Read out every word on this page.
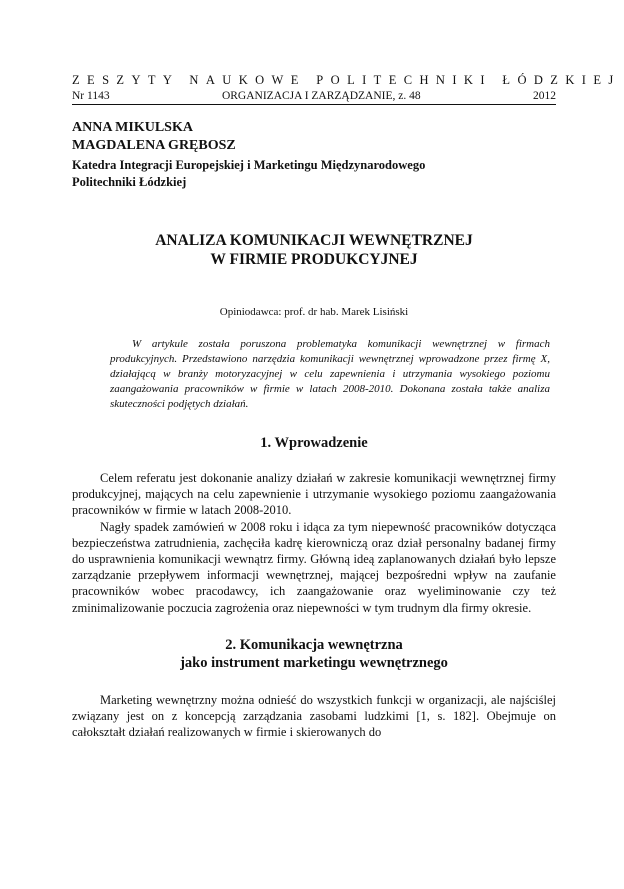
ZESZYTY NAUKOWE POLITECHNIKI ŁÓDZKIEJ
Nr 1143	ORGANIZACJA I ZARZĄDZANIE, z. 48	2012
ANNA MIKULSKA
MAGDALENA GRĘBOSZ
Katedra Integracji Europejskiej i Marketingu Międzynarodowego
Politechniki Łódzkiej
ANALIZA KOMUNIKACJI WEWNĘTRZNEJ
W FIRMIE PRODUKCYJNEJ
Opiniodawca: prof. dr hab. Marek Lisiński

W artykule została poruszona problematyka komunikacji wewnętrznej w firmach produkcyjnych. Przedstawiono narzędzia komunikacji wewnętrznej wprowadzone przez firmę X, działającą w branży motoryzacyjnej w celu zapewnienia i utrzymania wysokiego poziomu zaangażowania pracowników w firmie w latach 2008-2010. Dokonana została także analiza skuteczności podjętych działań.

1. Wprowadzenie

Celem referatu jest dokonanie analizy działań w zakresie komunikacji wewnętrznej firmy produkcyjnej, mających na celu zapewnienie i utrzymanie wysokiego poziomu zaangażowania pracowników w firmie w latach 2008-2010.

Nagły spadek zamówień w 2008 roku i idąca za tym niepewność pracowników dotycząca bezpieczeństwa zatrudnienia, zachęciła kadrę kierowniczą oraz dział personalny badanej firmy do usprawnienia komunikacji wewnątrz firmy. Główną ideą zaplanowanych działań było lepsze zarządzanie przepływem informacji wewnętrznej, mającej bezpośredni wpływ na zaufanie pracowników wobec pracodawcy, ich zaangażowanie oraz wyeliminowanie czy też zminimalizowanie poczucia zagrożenia oraz niepewności w tym trudnym dla firmy okresie.

2. Komunikacja wewnętrzna
jako instrument marketingu wewnętrznego

Marketing wewnętrzny można odnieść do wszystkich funkcji w organizacji, ale najściślej związany jest on z koncepcją zarządzania zasobami ludzkimi [1, s. 182]. Obejmuje on całokształt działań realizowanych w firmie i skierowanych do
